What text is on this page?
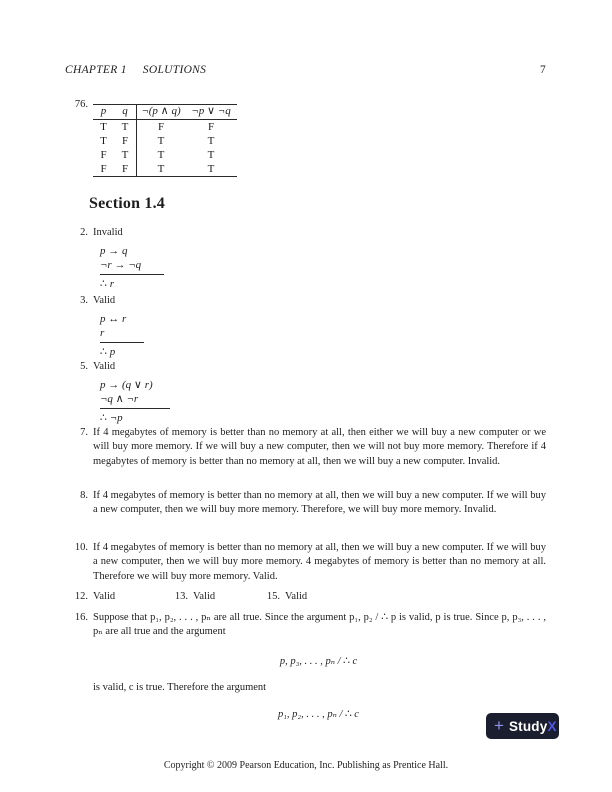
CHAPTER 1 SOLUTIONS	7
76.
p	q	¬(p ∧ q)	¬p ∨ ¬q
T	T	F	F
T	F	T	T
F	T	T	T
F	F	T	T
Section 1.4
2. Invalid
p → q
¬r → ¬q
∴ r
3. Valid
p ↔ r
r
∴ p
5. Valid
p → (q ∨ r)
¬q ∧ ¬r
∴ ¬p
7. If 4 megabytes of memory is better than no memory at all, then either we will buy a new computer or we will buy more memory. If we will buy a new computer, then we will not buy more memory. Therefore if 4 megabytes of memory is better than no memory at all, then we will buy a new computer. Invalid.
8. If 4 megabytes of memory is better than no memory at all, then we will buy a new computer. If we will buy a new computer, then we will buy more memory. Therefore, we will buy more memory. Invalid.
10. If 4 megabytes of memory is better than no memory at all, then we will buy a new computer. If we will buy a new computer, then we will buy more memory. 4 megabytes of memory is better than no memory at all. Therefore we will buy more memory. Valid.
12. Valid	13. Valid	15. Valid
16. Suppose that p₁, p₂, . . . , pₙ are all true. Since the argument p₁, p₂ / ∴ p is valid, p is true. Since p, p₃, . . . , pₙ are all true and the argument
p, p₃, . . . , pₙ / ∴ c
is valid, c is true. Therefore the argument
p₁, p₂, . . . , pₙ / ∴ c
+ Study X
Copyright © 2009 Pearson Education, Inc. Publishing as Prentice Hall.
